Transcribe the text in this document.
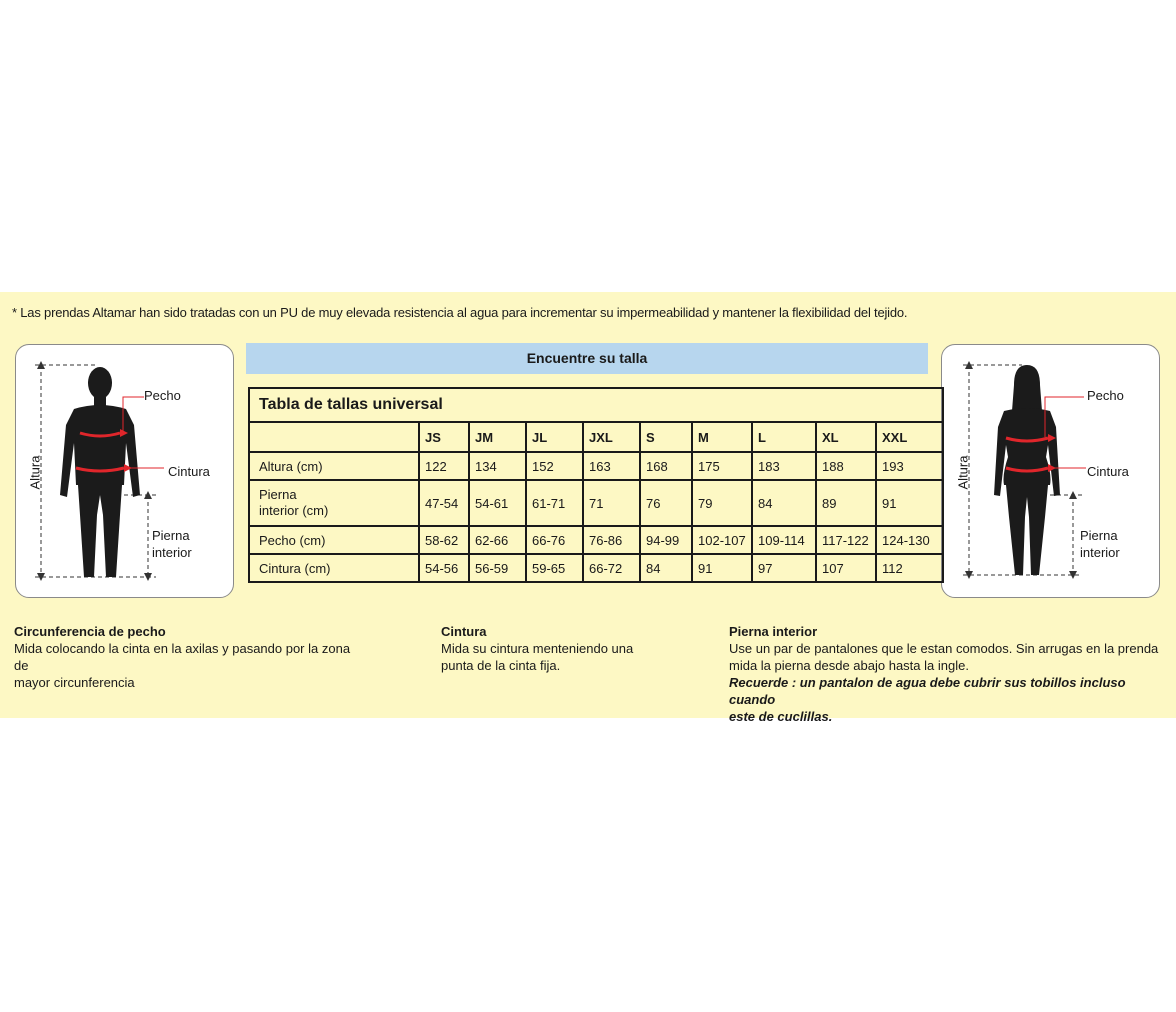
* Las prendas Altamar han sido tratadas con un PU de muy elevada resistencia al agua para incrementar su impermeabilidad y mantener la flexibilidad del tejido.
Pecho
Cintura
Pierna
interior
Altura
Pecho
Cintura
Pierna
interior
Altura
Encuentre su talla
Tabla de tallas universal									
	JS	JM	JL	JXL	S	M	L	XL	XXL
Altura (cm)	122	134	152	163	168	175	183	188	193
Pierna
interior (cm)	47-54	54-61	61-71	71	76	79	84	89	91
Pecho (cm)	58-62	62-66	66-76	76-86	94-99	102-107	109-114	117-122	124-130
Cintura (cm)	54-56	56-59	59-65	66-72	84	91	97	107	112
Circunferencia de pecho
Mida colocando la cinta en la axilas y pasando por la zona de
mayor circunferencia
Cintura
Mida su cintura menteniendo una
punta de la cinta fija.
Pierna interior
Use un par de pantalones que le estan comodos. Sin arrugas en la prenda
mida la pierna desde abajo hasta la ingle.
Recuerde : un pantalon de agua debe cubrir sus tobillos incluso cuando
este de cuclillas.
